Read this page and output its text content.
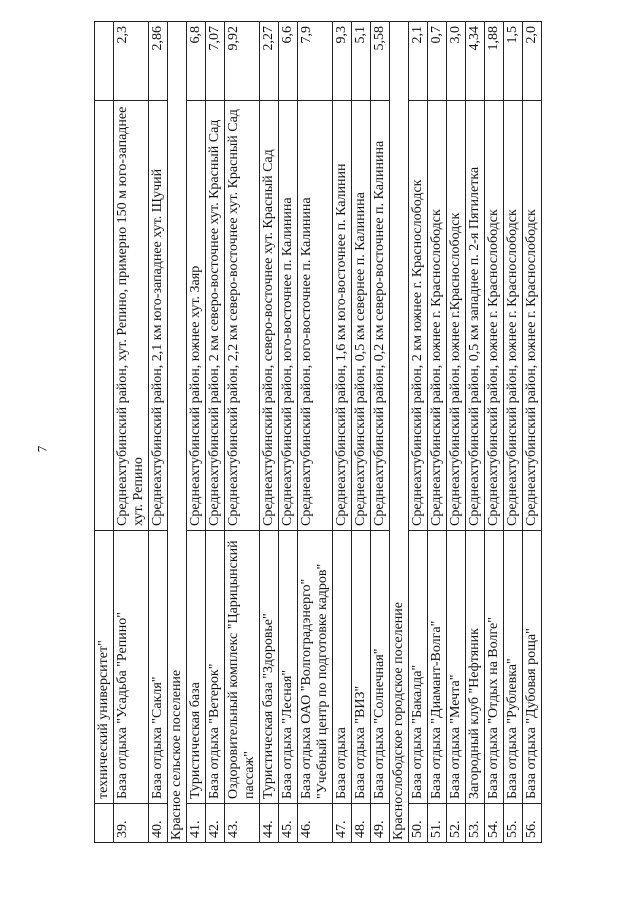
7
	технический университет"		
39.	База отдыха "Усадьба "Репино"	Среднеахтубинский район, хут. Репино, примерно 150 м юго-западнее хут. Репино	2,3
40.	База отдыха "Сакля"	Среднеахтубинский район, 2,1 км юго-западнее хут. Щучий	2,86
Красное сельское поселение			
41.	Туристическая база	Среднеахтубинский район, южнее хут. Заяр	6,8
42.	База отдыха "Ветерок"	Среднеахтубинский район, 2 км северо-восточнее хут. Красный Сад	7,07
43.	Оздоровительный комплекс "Царицынский пассаж"	Среднеахтубинский район, 2,2 км северо-восточнее хут. Красный Сад	9,92
44.	Туристическая база "Здоровье"	Среднеахтубинский район, северо-восточнее хут. Красный Сад	2,27
45.	База отдыха "Лесная"	Среднеахтубинский район, юго-восточнее п. Калинина	6,6
46.	База отдыха ОАО "Волгоградэнерго" "Учебный центр по подготовке кадров"	Среднеахтубинский район, юго-восточнее п. Калинина	7,9
47.	База отдыха	Среднеахтубинский район, 1,6 км юго-восточнее п. Калинин	9,3
48.	База отдыха "ВИЗ"	Среднеахтубинский район, 0,5 км севернее п. Калинина	5,1
49.	База отдыха "Солнечная"	Среднеахтубинский район, 0,2 км северо-восточнее п. Калинина	5,58
Краснослободское городское поселение			
50.	База отдыха "Бакалда"	Среднеахтубинский район, 2 км южнее г. Краснослободск	2,1
51.	База отдыха "Диамант-Волга"	Среднеахтубинский район, южнее г. Краснослободск	0,7
52.	База отдыха "Мечта"	Среднеахтубинский район, южнее г.Краснослободск	3,0
53.	Загородный клуб "Нефтяник	Среднеахтубинский район, 0,5 км западнее п. 2-я Пятилетка	4,34
54.	База отдыха "Отдых на Волге"	Среднеахтубинский район, южнее г. Краснослободск	1,88
55.	База отдыха "Рублевка"	Среднеахтубинский район, южнее г. Краснослободск	1,5
56.	База отдыха "Дубовая роща"	Среднеахтубинский район, южнее г. Краснослободск	2,0
